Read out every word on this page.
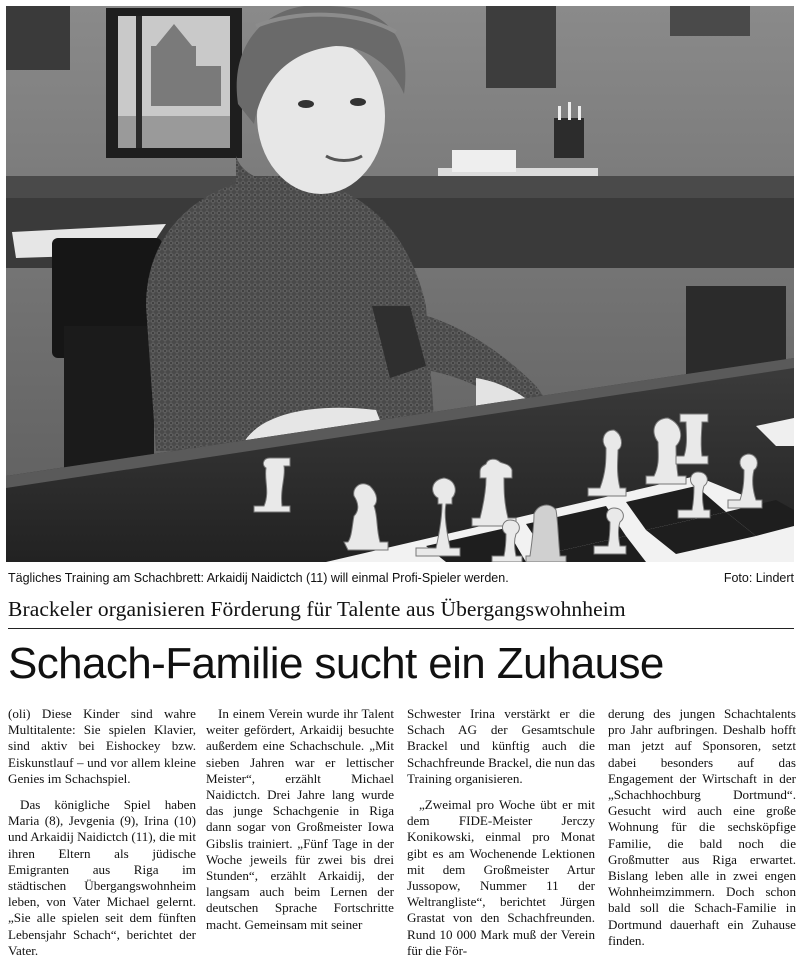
Tägliches Training am Schachbrett: Arkaidij Naidictch (11) will einmal Profi-Spieler werden.	Foto: Lindert
Brackeler organisieren Förderung für Talente aus Übergangswohnheim
Schach-Familie sucht ein Zuhause

(oli) Diese Kinder sind wahre Multitalente: Sie spielen Klavier, sind aktiv bei Eishockey bzw. Eiskunstlauf – und vor allem kleine Genies im Schachspiel.

Das königliche Spiel haben Maria (8), Jevgenia (9), Irina (10) und Arkaidij Naidictch (11), die mit ihren Eltern als jüdische Emigranten aus Riga im städtischen Übergangswohnheim leben, von Vater Michael gelernt. „Sie alle spielen seit dem fünften Lebensjahr Schach“, berichtet der Vater.

In einem Verein wurde ihr Talent weiter gefördert, Arkaidij besuchte außerdem eine Schachschule. „Mit sieben Jahren war er lettischer Meister“, erzählt Michael Naidictch. Drei Jahre lang wurde das junge Schachgenie in Riga dann sogar von Großmeister Iowa Gibslis trainiert. „Fünf Tage in der Woche jeweils für zwei bis drei Stunden“, erzählt Arkaidij, der langsam auch beim Lernen der deutschen Sprache Fortschritte macht. Gemeinsam mit seiner

Schwester Irina verstärkt er die Schach AG der Gesamtschule Brackel und künftig auch die Schachfreunde Brackel, die nun das Training organisieren.

„Zweimal pro Woche übt er mit dem FIDE-Meister Jerczy Konikowski, einmal pro Monat gibt es am Wochenende Lektionen mit dem Großmeister Artur Jussopow, Nummer 11 der Weltrangliste“, berichtet Jürgen Grastat von den Schachfreunden. Rund 10 000 Mark muß der Verein für die För-

derung des jungen Schachtalents pro Jahr aufbringen. Deshalb hofft man jetzt auf Sponsoren, setzt dabei besonders auf das Engagement der Wirtschaft in der „Schachhochburg Dortmund“. Gesucht wird auch eine große Wohnung für die sechsköpfige Familie, die bald noch die Großmutter aus Riga erwartet. Bislang leben alle in zwei engen Wohnheimzimmern. Doch schon bald soll die Schach-Familie in Dortmund dauerhaft ein Zuhause finden.
